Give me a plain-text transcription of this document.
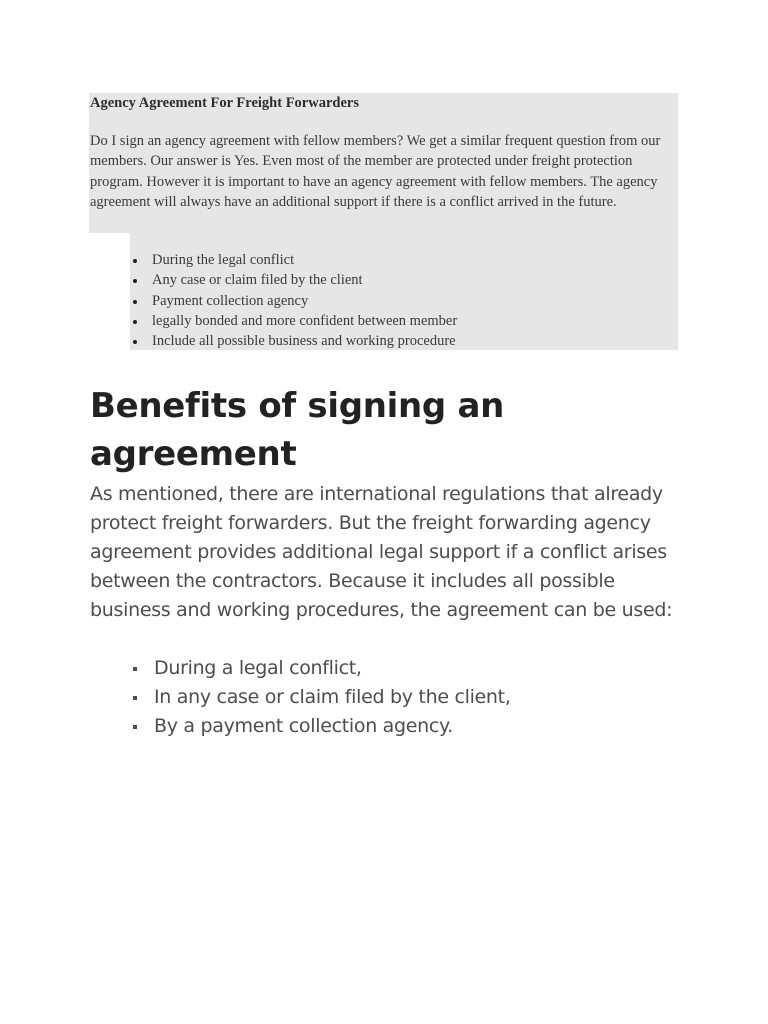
Agency Agreement For Freight Forwarders

Do I sign an agency agreement with fellow members? We get a similar frequent question from our members. Our answer is Yes. Even most of the member are protected under freight protection program. However it is important to have an agency agreement with fellow members. The agency agreement will always have an additional support if there is a conflict arrived in the future.

During the legal conflict
Any case or claim filed by the client
Payment collection agency
legally bonded and more confident between member
Include all possible business and working procedure
Benefits of signing an agreement

As mentioned, there are international regulations that already protect freight forwarders. But the freight forwarding agency agreement provides additional legal support if a conflict arises between the contractors. Because it includes all possible business and working procedures, the agreement can be used:

During a legal conflict,
In any case or claim filed by the client,
By a payment collection agency.
